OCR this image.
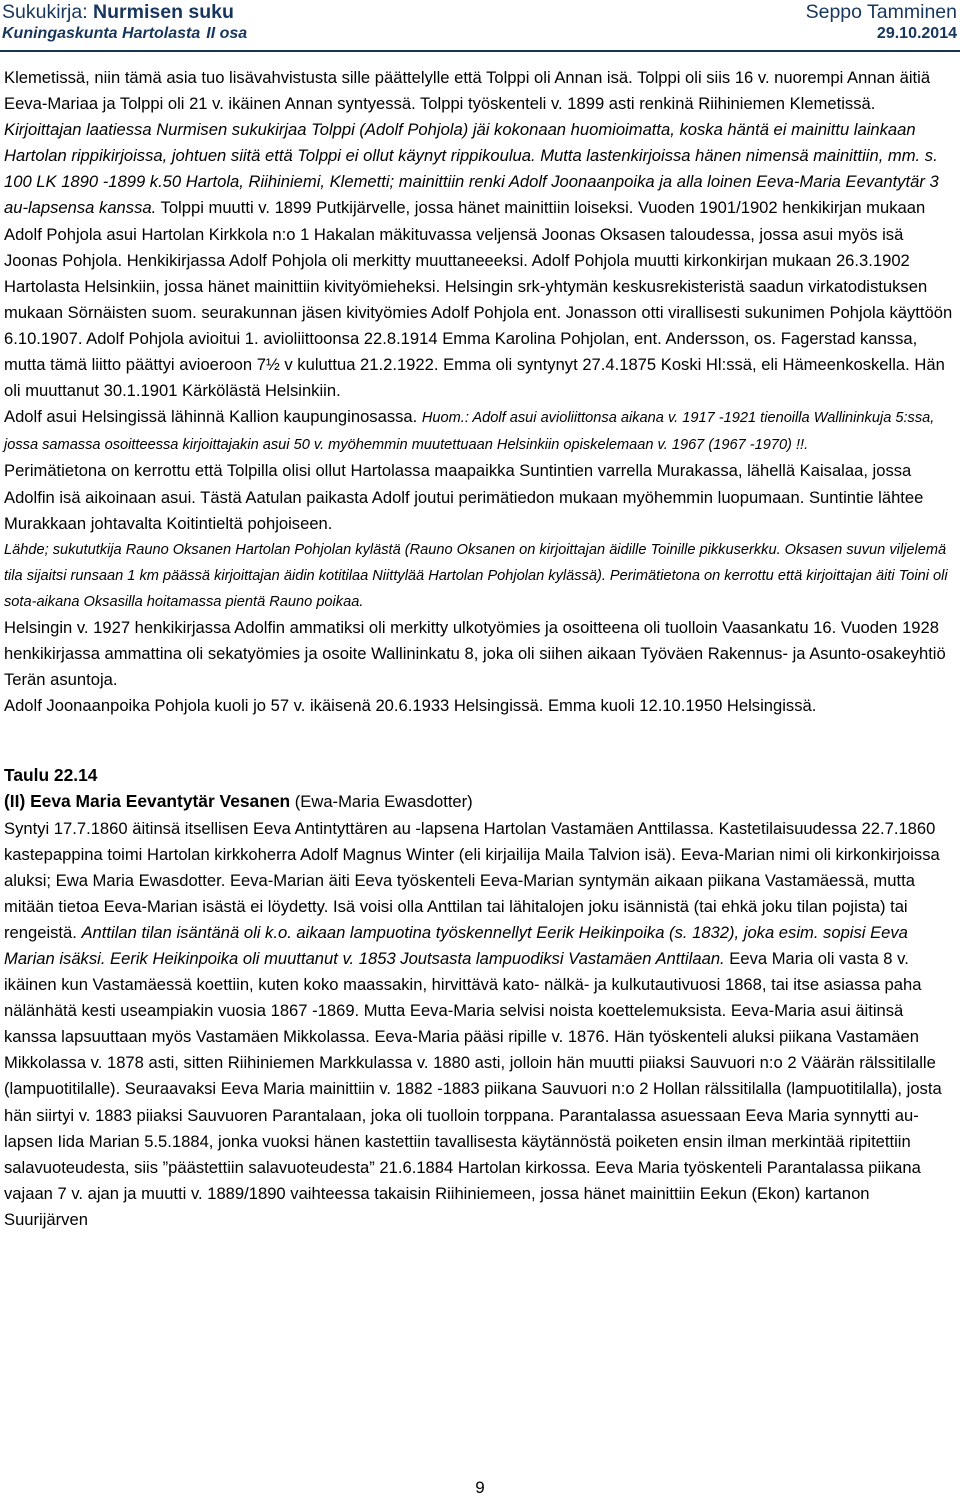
Sukukirja: Nurmisen suku
Kuningaskunta Hartolasta II osa
Seppo Tamminen
29.10.2014

Klemetissä, niin tämä asia tuo lisävahvistusta sille päättelylle että Tolppi oli Annan isä. Tolppi oli siis 16 v. nuorempi Annan äitiä Eeva-Mariaa ja Tolppi oli 21 v. ikäinen Annan syntyessä. Tolppi työskenteli v. 1899 asti renkinä Riihiniemen Klemetissä. Kirjoittajan laatiessa Nurmisen sukukirjaa Tolppi (Adolf Pohjola) jäi kokonaan huomioimatta, koska häntä ei mainittu lainkaan Hartolan rippikirjoissa, johtuen siitä että Tolppi ei ollut käynyt rippikoulua. Mutta lastenkirjoissa hänen nimensä mainittiin, mm. s. 100 LK 1890 -1899 k.50 Hartola, Riihiniemi, Klemetti; mainittiin renki Adolf Joonaanpoika ja alla loinen Eeva-Maria Eevantytär 3 au-lapsensa kanssa. Tolppi muutti v. 1899 Putkijärvelle, jossa hänet mainittiin loiseksi. Vuoden 1901/1902 henkikirjan mukaan Adolf Pohjola asui Hartolan Kirkkola n:o 1 Hakalan mäkituvassa veljensä Joonas Oksasen taloudessa, jossa asui myös isä Joonas Pohjola. Henkikirjassa Adolf Pohjola oli merkitty muuttaneeeksi. Adolf Pohjola muutti kirkonkirjan mukaan 26.3.1902 Hartolasta Helsinkiin, jossa hänet mainittiin kivityömieheksi. Helsingin srk-yhtymän keskusrekisteristä saadun virkatodistuksen mukaan Sörnäisten suom. seurakunnan jäsen kivityömies Adolf Pohjola ent. Jonasson otti virallisesti sukunimen Pohjola käyttöön 6.10.1907. Adolf Pohjola avioitui 1. avioliittoonsa 22.8.1914 Emma Karolina Pohjolan, ent. Andersson, os. Fagerstad kanssa, mutta tämä liitto päättyi avioeroon 7½ v kuluttua 21.2.1922. Emma oli syntynyt 27.4.1875 Koski Hl:ssä, eli Hämeenkoskella. Hän oli muuttanut 30.1.1901 Kärkölästä Helsinkiin.

Adolf asui Helsingissä lähinnä Kallion kaupunginosassa. Huom.: Adolf asui avioliittonsa aikana v. 1917 -1921 tienoilla Wallininkuja 5:ssa, jossa samassa osoitteessa kirjoittajakin asui 50 v. myöhemmin muutettuaan Helsinkiin opiskelemaan v. 1967 (1967 -1970) !!.

Perimätietona on kerrottu että Tolpilla olisi ollut Hartolassa maapaikka Suntintien varrella Murakassa, lähellä Kaisalaa, jossa Adolfin isä aikoinaan asui. Tästä Aatulan paikasta Adolf joutui perimätiedon mukaan myöhemmin luopumaan. Suntintie lähtee Murakkaan johtavalta Koitintieltä pohjoiseen.

Lähde; sukututkija Rauno Oksanen Hartolan Pohjolan kylästä (Rauno Oksanen on kirjoittajan äidille Toinille pikkuserkku. Oksasen suvun viljelemä tila sijaitsi runsaan 1 km päässä kirjoittajan äidin kotitilaa Niittylää Hartolan Pohjolan kylässä). Perimätietona on kerrottu että kirjoittajan äiti Toini oli sota-aikana Oksasilla hoitamassa pientä Rauno poikaa.

Helsingin v. 1927 henkikirjassa Adolfin ammatiksi oli merkitty ulkotyömies ja osoitteena oli tuolloin Vaasankatu 16. Vuoden 1928 henkikirjassa ammattina oli sekatyömies ja osoite Wallininkatu 8, joka oli siihen aikaan Työväen Rakennus- ja Asunto-osakeyhtiö Terän asuntoja.

Adolf Joonaanpoika Pohjola kuoli jo 57 v. ikäisenä 20.6.1933 Helsingissä. Emma kuoli 12.10.1950 Helsingissä.

Taulu 22.14

(II) Eeva Maria Eevantytär Vesanen (Ewa-Maria Ewasdotter)

Syntyi 17.7.1860 äitinsä itsellisen Eeva Antintyttären au -lapsena Hartolan Vastamäen Anttilassa. Kastetilaisuudessa 22.7.1860 kastepappina toimi Hartolan kirkkoherra Adolf Magnus Winter (eli kirjailija Maila Talvion isä). Eeva-Marian nimi oli kirkonkirjoissa aluksi; Ewa Maria Ewasdotter. Eeva-Marian äiti Eeva työskenteli Eeva-Marian syntymän aikaan piikana Vastamäessä, mutta mitään tietoa Eeva-Marian isästä ei löydetty. Isä voisi olla Anttilan tai lähitalojen joku isännistä (tai ehkä joku tilan pojista) tai rengeistä. Anttilan tilan isäntänä oli k.o. aikaan lampuotina työskennellyt Eerik Heikinpoika (s. 1832), joka esim. sopisi Eeva Marian isäksi. Eerik Heikinpoika oli muuttanut v. 1853 Joutsasta lampuodiksi Vastamäen Anttilaan. Eeva Maria oli vasta 8 v. ikäinen kun Vastamäessä koettiin, kuten koko maassakin, hirvittävä kato- nälkä- ja kulkutautivuosi 1868, tai itse asiassa paha nälänhätä kesti useampiakin vuosia 1867 -1869. Mutta Eeva-Maria selvisi noista koettelemuksista. Eeva-Maria asui äitinsä kanssa lapsuuttaan myös Vastamäen Mikkolassa. Eeva-Maria pääsi ripille v. 1876. Hän työskenteli aluksi piikana Vastamäen Mikkolassa v. 1878 asti, sitten Riihiniemen Markkulassa v. 1880 asti, jolloin hän muutti piiaksi Sauvuori n:o 2 Väärän rälssitilalle (lampuotitilalle). Seuraavaksi Eeva Maria mainittiin v. 1882 -1883 piikana Sauvuori n:o 2 Hollan rälssitilalla (lampuotitilalla), josta hän siirtyi v. 1883 piiaksi Sauvuoren Parantalaan, joka oli tuolloin torppana. Parantalassa asuessaan Eeva Maria synnytti au-lapsen Iida Marian 5.5.1884, jonka vuoksi hänen kastettiin tavallisesta käytännöstä poiketen ensin ilman merkintää ripitettiin salavuoteudesta, siis ”päästettiin salavuoteudesta” 21.6.1884 Hartolan kirkossa. Eeva Maria työskenteli Parantalassa piikana vajaan 7 v. ajan ja muutti v. 1889/1890 vaihteessa takaisin Riihiniemeen, jossa hänet mainittiin Eekun (Ekon) kartanon Suurijärven

9
